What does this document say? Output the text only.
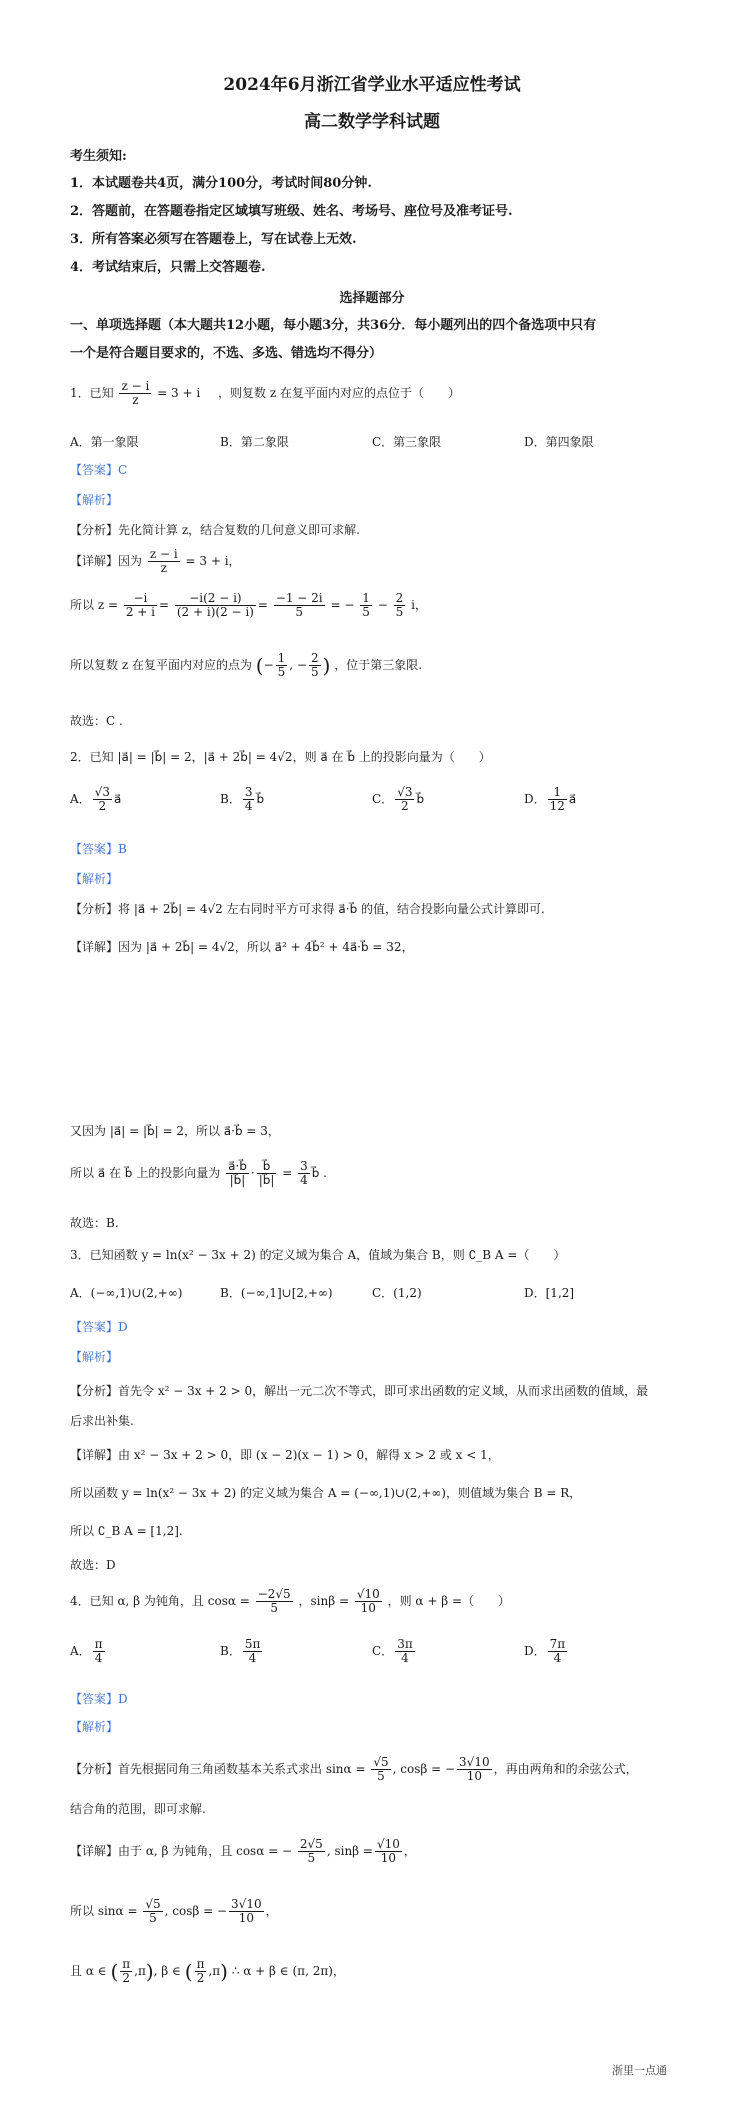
2024年6月浙江省学业水平适应性考试
高二数学学科试题
考生须知:
1．本试题卷共4页，满分100分，考试时间80分钟.
2．答题前，在答题卷指定区域填写班级、姓名、考场号、座位号及准考证号.
3．所有答案必须写在答题卷上，写在试卷上无效.
4．考试结束后，只需上交答题卷.
选择题部分
一、单项选择题（本大题共12小题，每小题3分，共36分．每小题列出的四个备选项中只有
一个是符合题目要求的，不选、多选、错选均不得分）
1．已知 $\frac{z - i}{z} = 3 + i$ ，则复数 z 在复平面内对应的点位于（　　）
A．第一象限	B．第二象限	C．第三象限	D．第四象限
【答案】C
【解析】
【分析】先化简计算 z，结合复数的几何意义即可求解.
【详解】因为 $\frac{z - i}{z} = 3 + i$，
所以 $z = \frac{-i}{2 + i} = \frac{-i(2 - i)}{(2 + i)(2 - i)} = \frac{-1 - 2i}{5}$ = − $\frac{1}{5} - \frac{2}{5}$ i，
所以复数 z 在复平面内对应的点为 (− $\frac{1}{5}$ , − $\frac{2}{5}$ ) ，位于第三象限.
故选：C .
2．已知 |a⃗| = |b⃗| = 2，|a⃗ + 2b⃗| = 4√2，则 a⃗ 在 b⃗ 上的投影向量为（　　）
A． $\frac{√3}{2}$ a⃗	B． $\frac{3}{4}$ b⃗	C． $\frac{√3}{2}$ b⃗	D． $\frac{1}{12}$ a⃗
【答案】B
【解析】
【分析】将 |a⃗ + 2b⃗| = 4√2 左右同时平方可求得 a⃗·b⃗ 的值，结合投影向量公式计算即可.
【详解】因为 |a⃗ + 2b⃗| = 4√2，所以 a⃗² + 4b⃗² + 4a⃗·b⃗ = 32，
又因为 |a⃗| = |b⃗| = 2，所以 a⃗·b⃗ = 3，
所以 a⃗ 在 b⃗ 上的投影向量为 $\frac{a⃗\cdot b⃗}{|b⃗|} \cdot \frac{b⃗}{|b⃗|} = \frac{3}{4}$ b⃗ .
故选：B.
3．已知函数 y = ln(x² − 3x + 2) 的定义域为集合 A，值域为集合 B，则 ∁_B A =（　　）
A．(−∞,1)∪(2,+∞)	B．(−∞,1]∪[2,+∞)	C．(1,2)	D．[1,2]
【答案】D
【解析】
【分析】首先令 x² − 3x + 2 > 0，解出一元二次不等式，即可求出函数的定义域，从而求出函数的值域，最
后求出补集.
【详解】由 x² − 3x + 2 > 0，即 (x − 2)(x − 1) > 0，解得 x > 2 或 x < 1，
所以函数 y = ln(x² − 3x + 2) 的定义域为集合 A = (−∞,1)∪(2,+∞)，则值域为集合 B = R，
所以 ∁_B A = [1,2].
故选：D
4．已知 α, β 为钝角，且 $\cos\alpha = \frac{-2√5}{5}$ ，$\sin\beta = \frac{√10}{10}$ ，则 α + β =（　　）
A． $\frac{\pi}{4}$	B． $\frac{5\pi}{4}$	C． $\frac{3\pi}{4}$	D． $\frac{7\pi}{4}$
【答案】D
【解析】
【分析】首先根据同角三角函数基本关系式求出 $\sin\alpha = \frac{√5}{5}$ , cosβ = − $\frac{3√10}{10}$ ，再由两角和的余弦公式，
结合角的范围，即可求解.
【详解】由于 α, β 为钝角，且 cosα = − $\frac{2√5}{5}$ , $\sin\beta = \frac{√10}{10}$ ，
所以 $\sin\alpha = \frac{√5}{5}$ , cosβ = − $\frac{3√10}{10}$ ，
且 α ∈ ( $\frac{\pi}{2} ,\pi$), β ∈ ( $\frac{\pi}{2} ,\pi$) ∴ α + β ∈ (π, 2π)，
浙里一点通
